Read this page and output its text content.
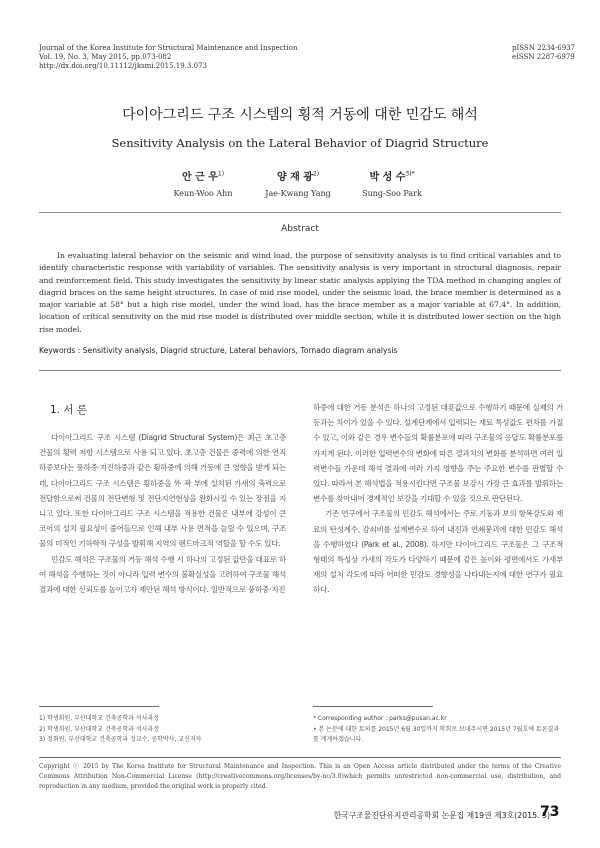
Journal of the Korea Institute for Structural Maintenance and Inspection
Vol. 19, No. 3, May 2015, pp.073-082
http://dx.doi.org/10.11112/jksmi.2015.19.3.073
pISSN 2234-6937
eISSN 2287-6979
다이아그리드 구조 시스템의 횡적 거동에 대한 민감도 해석
Sensitivity Analysis on the Lateral Behavior of Diagrid Structure
안 근 우$^{1)}$
Keun-Woo Ahn
양 재 광$^{2)}$
Jae-Kwang Yang
박 성 수$^{3)*}$
Sung-Soo Park
Abstract
In evaluating lateral behavior on the seismic and wind load, the purpose of sensitivity analysis is to find critical variables and to identify characteristic response with variability of variables. The sensitivity analysis is very important in structural diagnosis, repair and reinforcement field. This study investigates the sensitivity by linear static analysis applying the TDA method in changing angles of diagrid braces on the same height structures. In case of mid rise model, under the seismic load, the brace member is determined as a major variable at 58° but a high rise model, under the wind load, has the brace member as a major variable at 67.4°. In addition, location of critical sensitivity on the mid rise model is distributed over middle section, while it is distributed lower section on the high rise model.
Keywords : Sensitivity analysis, Diagrid structure, Lateral behaviors, Tornado diagram analysis
1. 서 론

다이아그리드 구조 시스템 (Diagrid Structural System)은 최근 초고층 건물의 횡력 저항 시스템으로 사용 되고 있다. 초고층 건물은 중력에 의한 연직하중보다는 풍하중·지진하중과 같은 횡하중에 의해 거동에 큰 영향을 받게 되는데, 다이아그리드 구조 시스템은 횡하중을 外 곽 부에 설치된 가새의 축력으로 전달함으로써 건물의 전단변형 및 전단지연현상을 완화시킬 수 있는 장점을 지니고 있다. 또한 다이아그리드 구조 시스템을 적용한 건물은 내부에 강성이 큰 코어의 설치 필요성이 줄어들므로 인해 내부 사용 면적을 늘릴 수 있으며, 구조물의 미적인 기하학적 구성을 발휘해 지역의 랜드마크적 역할을 할 수도 있다.

민감도 해석은 구조물의 거동 해석 수행 시 하나의 고정된 값만을 대표로 하여 해석을 수행하는 것이 아니라 입력 변수의 불확실성을 고려하여 구조물 해석 결과에 대한 신뢰도를 높이고자 제안된 해석 방식이다. 일반적으로 풍하중·지진

하중에 대한 거동 분석은 하나의 고정된 대푯값으로 수행하기 때문에 실제의 거동과는 차이가 있을 수 있다. 설계단계에서 입력되는 재료 특성값도 편차를 가질 수 있고, 이와 같은 경우 변수들의 확률분포에 따라 구조물의 응답도 확률분포를 가지게 된다. 이러한 입력변수의 변화에 따른 결과치의 변화를 분석하면 여러 입력변수들 가운데 해석 결과에 여러 가지 영향을 주는 주요한 변수를 판별할 수 있다. 따라서 본 해석법을 적용시킨다면 구조물 보강시 가장 큰 효과를 발휘하는 변수를 찾아내어 경제적인 보강을 기대할 수 있을 것으로 판단된다.

기존 연구에서 구조물의 민감도 해석에서는 주로 기둥과 보의 항복강도와 재료의 탄성계수, 감쇠비를 설계변수로 하여 내진과 연쇄붕괴에 대한 민감도 해석을 수행하였다 (Park et al., 2008). 하지만 다이아그리드 구조물은 그 구조적 형태의 특성상 가새의 각도가 다양하기 때문에 같은 높이와 평면에서도 가새부재의 설치 각도에 따라 어떠한 민감도 경향성을 나타내는지에 대한 연구가 필요하다.

1) 학생회원, 부산대학교 건축공학과 석사과정
2) 학생회원, 부산대학교 건축공학과 석사과정
3) 정회원, 부산대학교 건축공학과 정교수, 공학박사, 교신저자
* Corresponding author : parks@pusan.ac.kr
• 본 논문에 대한 토의를 2015년 6월 30일까지 학회로 보내주시면 2015년 7월호에 토론결과를 게재하겠습니다.
Copyright ⓒ 2015 by The Korea Institute for Structural Maintenance and Inspection. This is an Open Access article distributed under the terms of the Creative Commons Attribution Non-Commercial License (http://creativecommons.org/licenses/by-nc/3.0)which permits unrestricted non-commercial use, distribution, and reproduction in any medium, provided the original work is properly cited.
한국구조물진단유지관리공학회 논문집 제19권 제3호(2015. 5)
73
